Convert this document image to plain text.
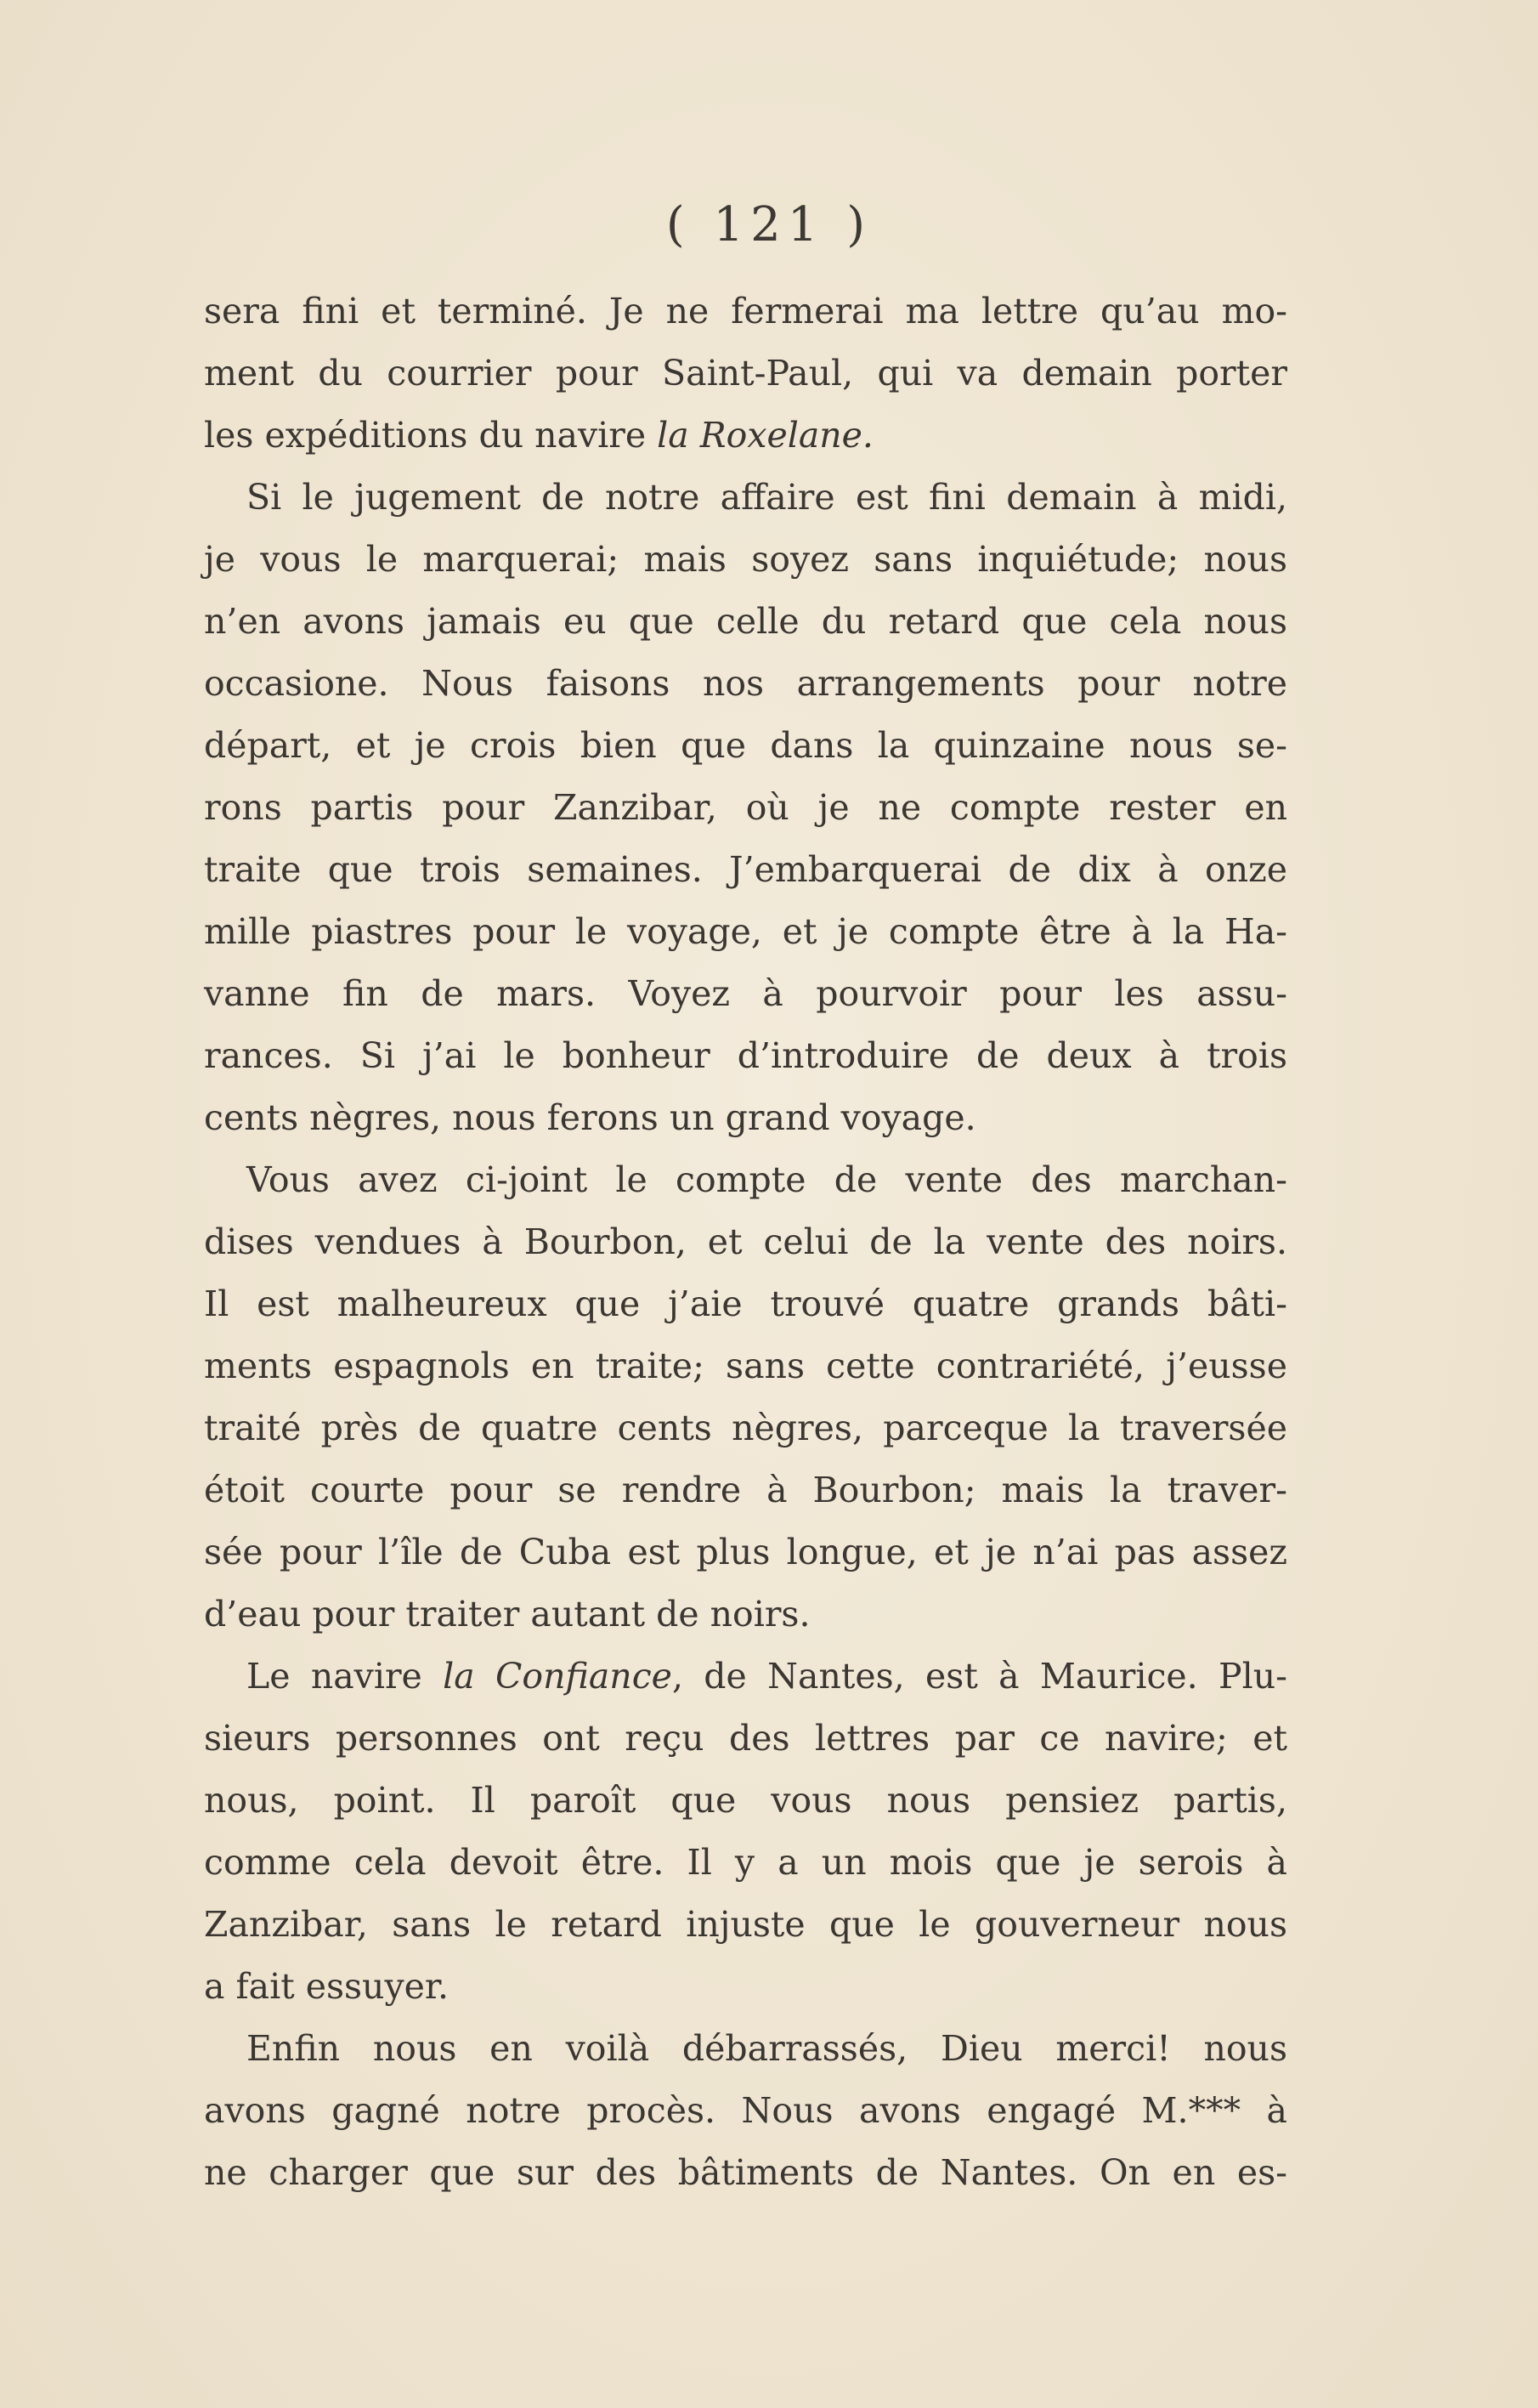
( 121 )
sera fini et terminé. Je ne fermerai ma lettre qu’au mo-
ment du courrier pour Saint-Paul, qui va demain porter
les expéditions du navire la Roxelane.
Si le jugement de notre affaire est fini demain à midi,
je vous le marquerai; mais soyez sans inquiétude; nous
n’en avons jamais eu que celle du retard que cela nous
occasione. Nous faisons nos arrangements pour notre
départ, et je crois bien que dans la quinzaine nous se-
rons partis pour Zanzibar, où je ne compte rester en
traite que trois semaines. J’embarquerai de dix à onze
mille piastres pour le voyage, et je compte être à la Ha-
vanne fin de mars. Voyez à pourvoir pour les assu-
rances. Si j’ai le bonheur d’introduire de deux à trois
cents nègres, nous ferons un grand voyage.
Vous avez ci-joint le compte de vente des marchan-
dises vendues à Bourbon, et celui de la vente des noirs.
Il est malheureux que j’aie trouvé quatre grands bâti-
ments espagnols en traite; sans cette contrariété, j’eusse
traité près de quatre cents nègres, parceque la traversée
étoit courte pour se rendre à Bourbon; mais la traver-
sée pour l’île de Cuba est plus longue, et je n’ai pas assez
d’eau pour traiter autant de noirs.
Le navire la Confiance, de Nantes, est à Maurice. Plu-
sieurs personnes ont reçu des lettres par ce navire; et
nous, point. Il paroît que vous nous pensiez partis,
comme cela devoit être. Il y a un mois que je serois à
Zanzibar, sans le retard injuste que le gouverneur nous
a fait essuyer.
Enfin nous en voilà débarrassés, Dieu merci! nous
avons gagné notre procès. Nous avons engagé M.*** à
ne charger que sur des bâtiments de Nantes. On en es-
